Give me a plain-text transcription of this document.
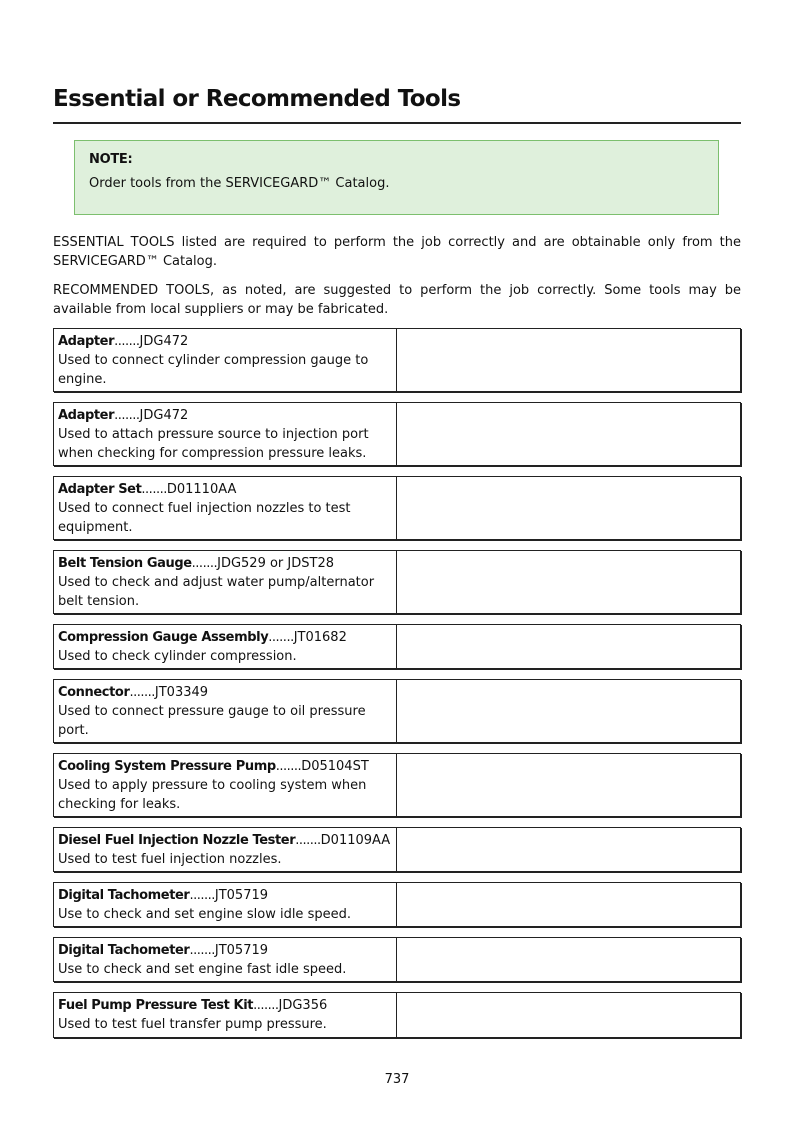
Essential or Recommended Tools

NOTE:

Order tools from the SERVICEGARD™ Catalog.

ESSENTIAL TOOLS listed are required to perform the job correctly and are obtainable only from the SERVICEGARD™ Catalog.

RECOMMENDED TOOLS, as noted, are suggested to perform the job correctly. Some tools may be available from local suppliers or may be fabricated.

Adapter.......JDG472
Used to connect cylinder compression gauge to engine.
Adapter.......JDG472
Used to attach pressure source to injection port when checking for compression pressure leaks.
Adapter Set.......D01110AA
Used to connect fuel injection nozzles to test equipment.
Belt Tension Gauge.......JDG529 or JDST28
Used to check and adjust water pump/alternator belt tension.
Compression Gauge Assembly.......JT01682
Used to check cylinder compression.
Connector.......JT03349
Used to connect pressure gauge to oil pressure port.
Cooling System Pressure Pump.......D05104ST
Used to apply pressure to cooling system when checking for leaks.
Diesel Fuel Injection Nozzle Tester.......D01109AA
Used to test fuel injection nozzles.
Digital Tachometer.......JT05719
Use to check and set engine slow idle speed.
Digital Tachometer.......JT05719
Use to check and set engine fast idle speed.
Fuel Pump Pressure Test Kit.......JDG356
Used to test fuel transfer pump pressure.
737
